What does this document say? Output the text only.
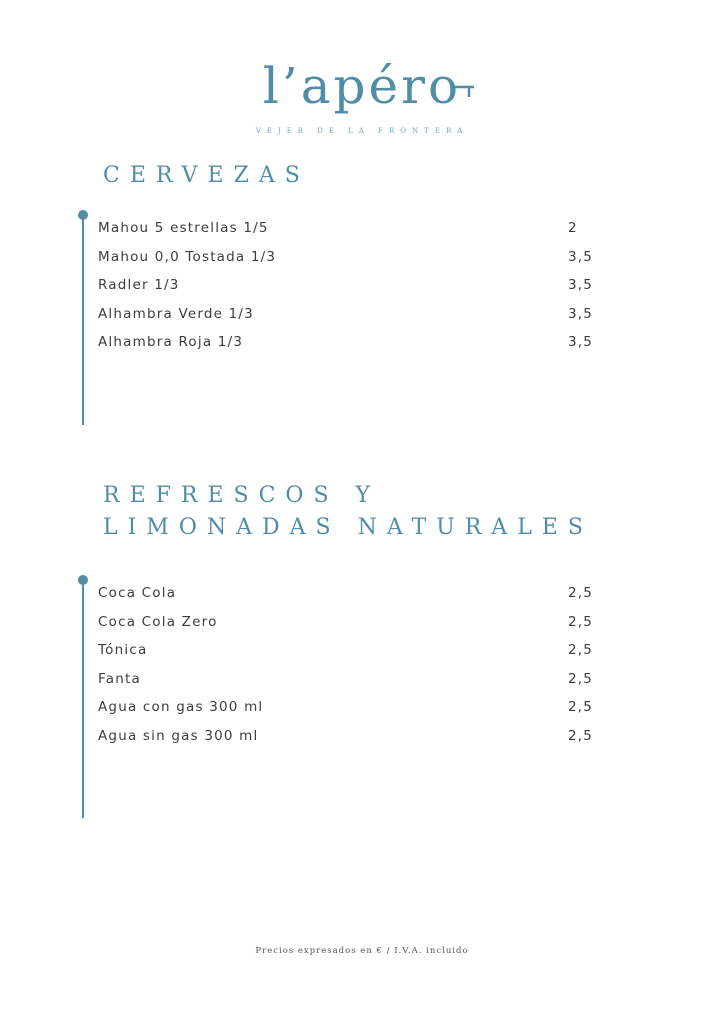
l’apéro
VEJER DE LA FRONTERA
CERVEZAS
Mahou 5 estrellas 1/5	2
Mahou 0,0 Tostada 1/3	3,5
Radler 1/3	3,5
Alhambra Verde 1/3	3,5
Alhambra Roja 1/3	3,5
REFRESCOS Y
LIMONADAS NATURALES
Coca Cola	2,5
Coca Cola Zero	2,5
Tónica	2,5
Fanta	2,5
Agua con gas 300 ml	2,5
Agua sin gas 300 ml	2,5
Precios expresados en € / I.V.A. incluido
